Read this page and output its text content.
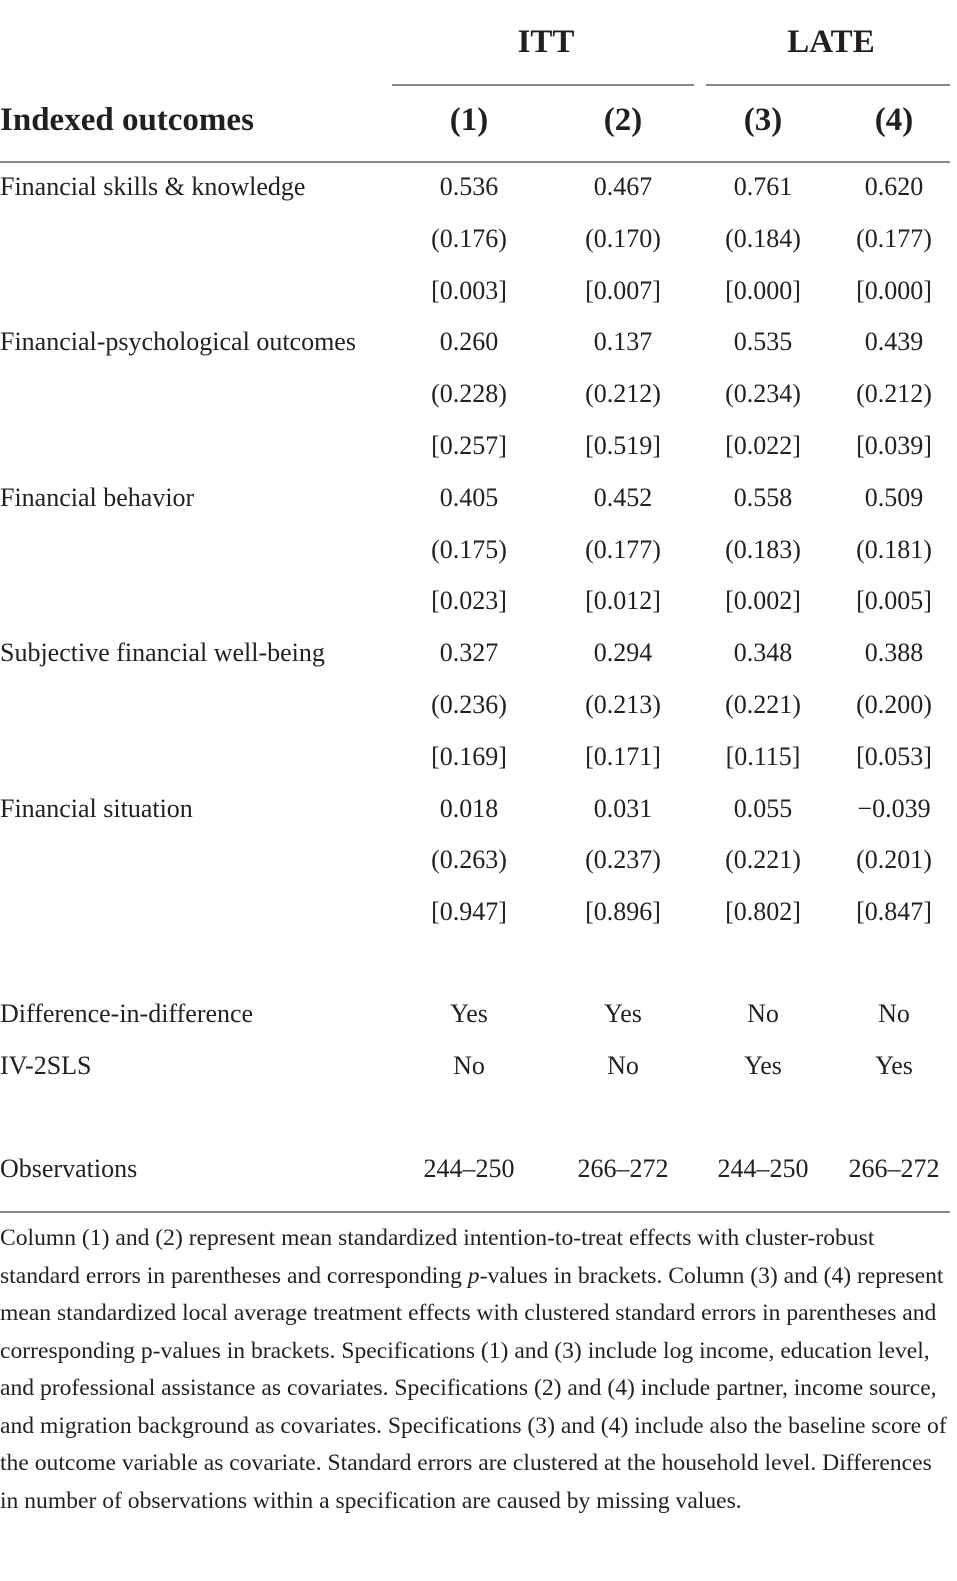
ITT	LATE
Indexed outcomes	(1)	(2)	(3)	(4)
Financial skills & knowledge	0.536	0.467	0.761	0.620
(0.176)	(0.170)	(0.184)	(0.177)
[0.003]	[0.007]	[0.000]	[0.000]
Financial-psychological outcomes	0.260	0.137	0.535	0.439
(0.228)	(0.212)	(0.234)	(0.212)
[0.257]	[0.519]	[0.022]	[0.039]
Financial behavior	0.405	0.452	0.558	0.509
(0.175)	(0.177)	(0.183)	(0.181)
[0.023]	[0.012]	[0.002]	[0.005]
Subjective financial well-being	0.327	0.294	0.348	0.388
(0.236)	(0.213)	(0.221)	(0.200)
[0.169]	[0.171]	[0.115]	[0.053]
Financial situation	0.018	0.031	0.055	−0.039
(0.263)	(0.237)	(0.221)	(0.201)
[0.947]	[0.896]	[0.802]	[0.847]
Difference-in-difference	Yes	Yes	No	No
IV-2SLS	No	No	Yes	Yes
Observations	244–250	266–272	244–250	266–272
Column (1) and (2) represent mean standardized intention-to-treat effects with cluster-robust standard errors in parentheses and corresponding p-values in brackets. Column (3) and (4) represent mean standardized local average treatment effects with clustered standard errors in parentheses and corresponding p-values in brackets. Specifications (1) and (3) include log income, education level, and professional assistance as covariates. Specifications (2) and (4) include partner, income source, and migration background as covariates. Specifications (3) and (4) include also the baseline score of the outcome variable as covariate. Standard errors are clustered at the household level. Differences in number of observations within a specification are caused by missing values.
